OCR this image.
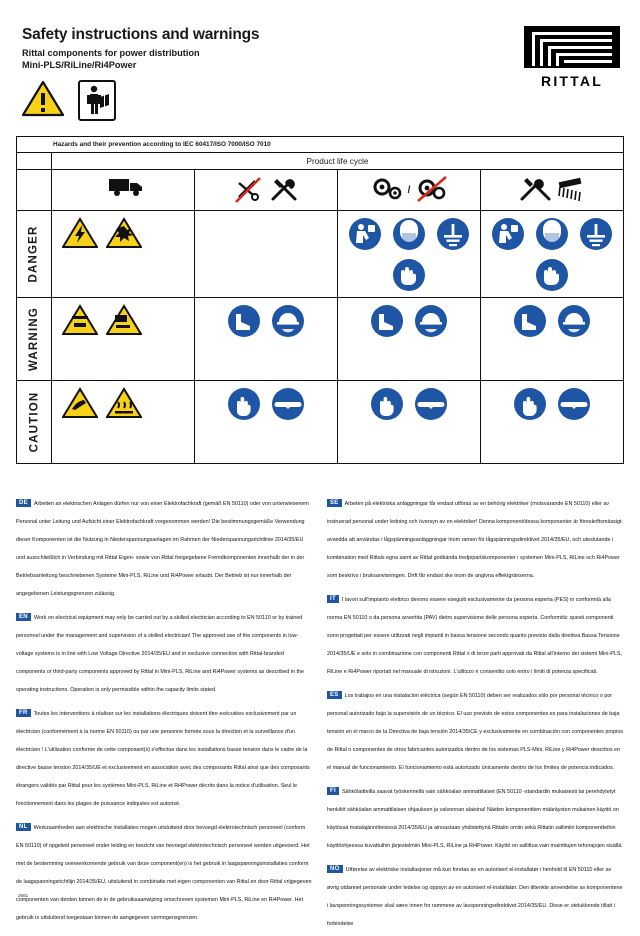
Safety instructions and warnings
Rittal components for power distribution
Mini-PLS/RiLine/Ri4Power
RITTAL
Hazards and their prevention according to IEC 60417/ISO 7000/ISO 7010
Product life cycle
/
DANGER
WARNING
CAUTION
DE Arbeiten an elektrischen Anlagen dürfen nur von einer Elektrofachkraft (gemäß EN 50110) oder von unterwiesenem Personal unter Leitung und Aufsicht einer Elektrofachkraft vorgenommen werden! Die bestimmungsgemäße Verwendung dieser Komponenten ist die Nutzung in Niederspannungsanlagen im Rahmen der Niederspannungsrichtlinie 2014/35/EU und ausschließlich in Verbindung mit Rittal Eigen- sowie von Rittal freigegebene Fremdkomponenten innerhalb der in der Betriebsanleitung beschriebenen Systeme Mini-PLS, RiLine und Ri4Power erlaubt. Der Betrieb ist nur innerhalb der angegebenen Leistungsgrenzen zulässig.
EN Work on electrical equipment may only be carried out by a skilled electrician according to EN 50110 or by trained personnel under the management and supervision of a skilled electrician! The approved use of the components in low-voltage systems is in line with Low Voltage Directive 2014/35/EU and in exclusive connection with Rittal-branded components or third-party components approved by Rittal in Mini-PLS, RiLine and Ri4Power systems as described in the operating instructions. Operation is only permissible within the capacity limits stated.
FR Toutes les interventions à réaliser sur les installations électriques doivent être exécutées exclusivement par un électricien (conformément à la norme EN 50110) ou par une personne formée sous la direction et la surveillance d'un électricien ! L'utilisation conforme de cette composant(s) s'effectue dans les installations basse tension dans le cadre de la directive basse tension 2014/35/UE et exclusivement en association avec des composants Rittal ainsi que des composants étrangers validés par Rittal pour les systèmes Mini-PLS, RiLine et Ri4Power décrits dans la notice d'utilisation. Seul le fonctionnement dans les plages de puissance indiquées est autorisé.
NL Werkzaamheden aan elektrische installaties mogen uitsluitend door bevoegd elektrotechnisch personeel (conform EN 50110) of opgeleid personeel onder leiding en toezicht van bevoegd elektrotechnisch personeel worden uitgevoerd. Het met de bestemming overeenkomende gebruik van deze component(en) is het gebruik in laagspanningsinstallaties conform de laagspanningsrichtlijn 2014/35/EU, uitsluitend in combinatie met eigen componenten van Rittal en door Rittal vrijgegeven componenten van derden binnen de in de gebruiksaanwijzing omschreven systemen Mini-PLS, RiLine en Ri4Power. Het gebruik is uitsluitend toegestaan binnen de aangegeven vermogensgrenzen.
SE Arbeten på elektriska anläggningar får endast utföras av en behörig elektriker (motsvarande EN 50110) eller av instruerad personal under ledning och översyn av en elektriker! Denna komponent/dessa komponenter är föreskriftsmässigt avsedda att användas i lågspänningsanläggningar inom ramen för lågspänningsdirektivet 2014/35/EU, och uteslutande i kombination med Rittals egna samt av Rittal godkända tredjepartskomponenter i systemen Mini-PLS, RiLine och Ri4Power som beskrivs i bruksanvisningen. Drift får endast ske inom de angivna effektgränserna.
IT I lavori sull'impianto elettrico devono essere eseguiti esclusivamente da persona esperta (PES) in conformità alla norma EN 50110 o da persona avvertita (PAV) dietro supervisione delle persona esperta. Conformità: questi componenti sono progettati per essere utilizzati negli impianti in bassa tensione secondo quanto previsto dalla direttiva Bassa Tensione 2014/35/UE e solo in combinazione con componenti Rittal o di terze parti approvati da Rittal all'interno dei sistemi Mini-PLS, RiLine e Ri4Power riportati nel manuale di istruzioni. L'utilizzo è consentito solo entro i limiti di potenza specificati.
ES Los trabajos en una instalación eléctrica (según EN 50110) deben ser realizados sólo por personal técnico o por personal autorizado bajo la supervisión de un técnico. El uso previsto de estos componentes es para instalaciones de baja tensión en el marco de la Directiva de baja tensión 2014/35/CE y exclusivamente en combinación con componentes propios de Rittal o componentes de otros fabricantes autorizados dentro de los sistemas PLS-Mini, RiLine y Ri4Power descritos en el manual de funcionamiento. El funcionamiento está autorizado únicamente dentro de los límites de potencia indicados.
FI Sähkölaitteilla saavat työskennellä vain sähköalan ammattilaiset (EN 50110 -standardin mukaisesti tai perehdytetyt henkilöt sähköalan ammattilaisen ohjauksen ja valvonnan alaisina! Näiden komponenttien määräysten mukainen käyttö on käytössä matalajännitteisissä 2014/35/EU ja ainoastaan yhdistettynä Rittalin omiin sekä Rittalin sallimiin komponentteihin käyttöohjeessa kuvattuihin järjestelmiin Mini-PLS, RiLine ja Ri4Power. Käyttö on sallittua vain mainittujen tehorajojen sisällä.
NO Utførelse av elektriske installasjoner må kun foretas av en autorisert el-installatør i henhold til EN 50110 eller av øvrig utdannet personale under ledelse og oppsyn av en autorisert el-installatør. Den tiltenkte anvendelse av komponentene i lavspenningssystemer skal være innen for rammene av lavspenningsdirektivet 2014/35/EU. Disse er utelukkende tillatt i forbindelse
2661
